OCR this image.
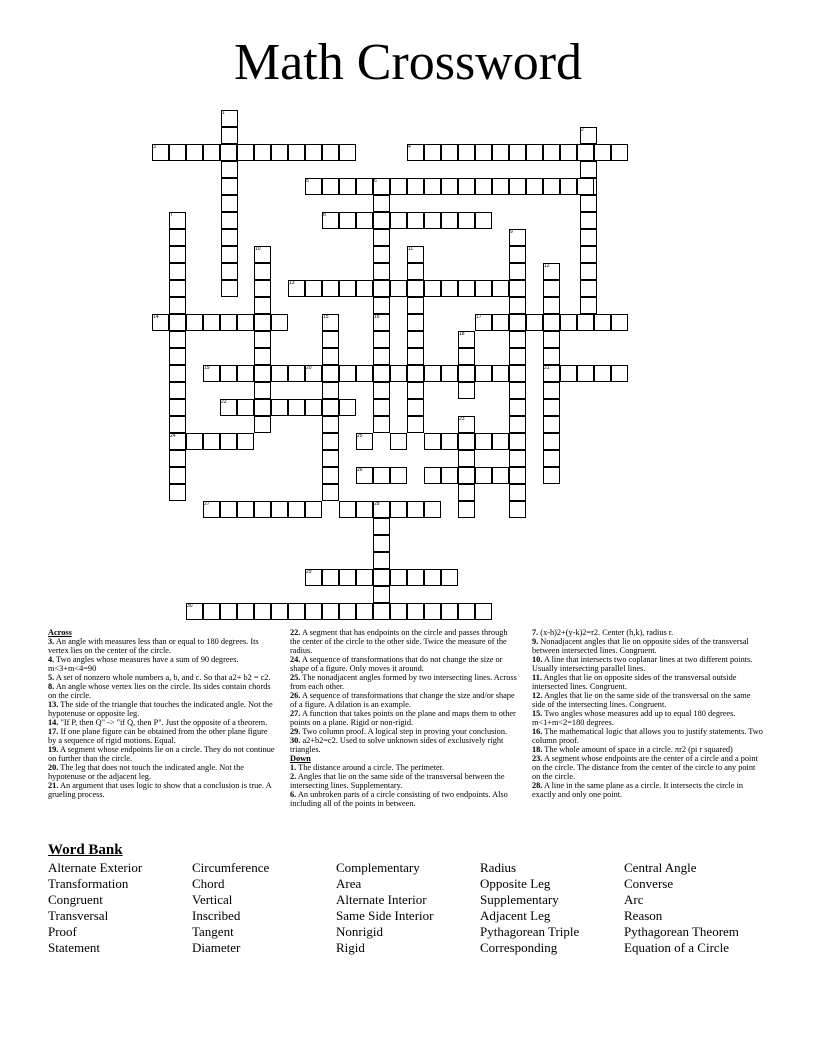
Math Crossword
1
2
3	4
5	6
7	8
9
10	11
12
13
14	15	16	17
18
19	20	21
22
23
24	25
26
27	28
29
30

Across

3. An angle with measures less than or equal to 180 degrees. Its vertex lies on the center of the circle.

4. Two angles whose measures have a sum of 90 degrees. m<3+m<4=90

5. A set of nonzero whole numbers a, b, and c. So that a2+ b2 = c2.

8. An angle whose vertex lies on the circle. Its sides contain chords on the circle.

13. The side of the triangle that touches the indicated angle. Not the hypotenuse or opposite leg.

14. "If P, then Q" -> "if Q, then P". Just the opposite of a theorem.

17. If one plane figure can be obtained from the other plane figure by a sequence of rigid motions. Equal.

19. A segment whose endpoints lie on a circle. They do not continue on further than the circle.

20. The leg that does not touch the indicated angle. Not the hypotenuse or the adjacent leg.

21. An argument that uses logic to show that a conclusion is true. A grueling process.

22. A segment that has endpoints on the circle and passes through the center of the circle to the other side. Twice the measure of the radius.

24. A sequence of transformations that do not change the size or shape of a figure. Only moves it around.

25. The nonadjacent angles formed by two intersecting lines. Across from each other.

26. A sequence of transformations that change the size and/or shape of a figure. A dilation is an example.

27. A function that takes points on the plane and maps them to other points on a plane. Rigid or non-rigid.

29. Two column proof. A logical step in proving your conclusion.

30. a2+b2=c2. Used to solve unknown sides of exclusively right triangles.

Down

1. The distance around a circle. The perimeter.

2. Angles that lie on the same side of the transversal between the intersecting lines. Supplementary.

6. An unbroken parts of a circle consisting of two endpoints. Also including all of the points in between.

7. (x-h)2+(y-k)2=r2. Center (h,k), radius r.

9. Nonadjacent angles that lie on opposite sides of the transversal between intersected lines. Congruent.

10. A line that intersects two coplanar lines at two different points. Usually intersecting parallel lines.

11. Angles that lie on opposite sides of the transversal outside intersected lines. Congruent.

12. Angles that lie on the same side of the transversal on the same side of the intersecting lines. Congruent.

15. Two angles whose measures add up to equal 180 degrees. m<1+m<2=180 degrees.

16. The mathematical logic that allows you to justify statements. Two column proof.

18. The whole amount of space in a circle. πr2 (pi r squared)

23. A segment whose endpoints are the center of a circle and a point on the circle. The distance from the center of the circle to any point on the circle.

28. A line in the same plane as a circle. It intersects the circle in exactly and only one point.

Word Bank
Alternate Exterior
Transformation
Congruent
Transversal
Proof
Statement
Circumference
Chord
Vertical
Inscribed
Tangent
Diameter
Complementary
Area
Alternate Interior
Same Side Interior
Nonrigid
Rigid
Radius
Opposite Leg
Supplementary
Adjacent Leg
Pythagorean Triple
Corresponding
Central Angle
Converse
Arc
Reason
Pythagorean Theorem
Equation of a Circle
